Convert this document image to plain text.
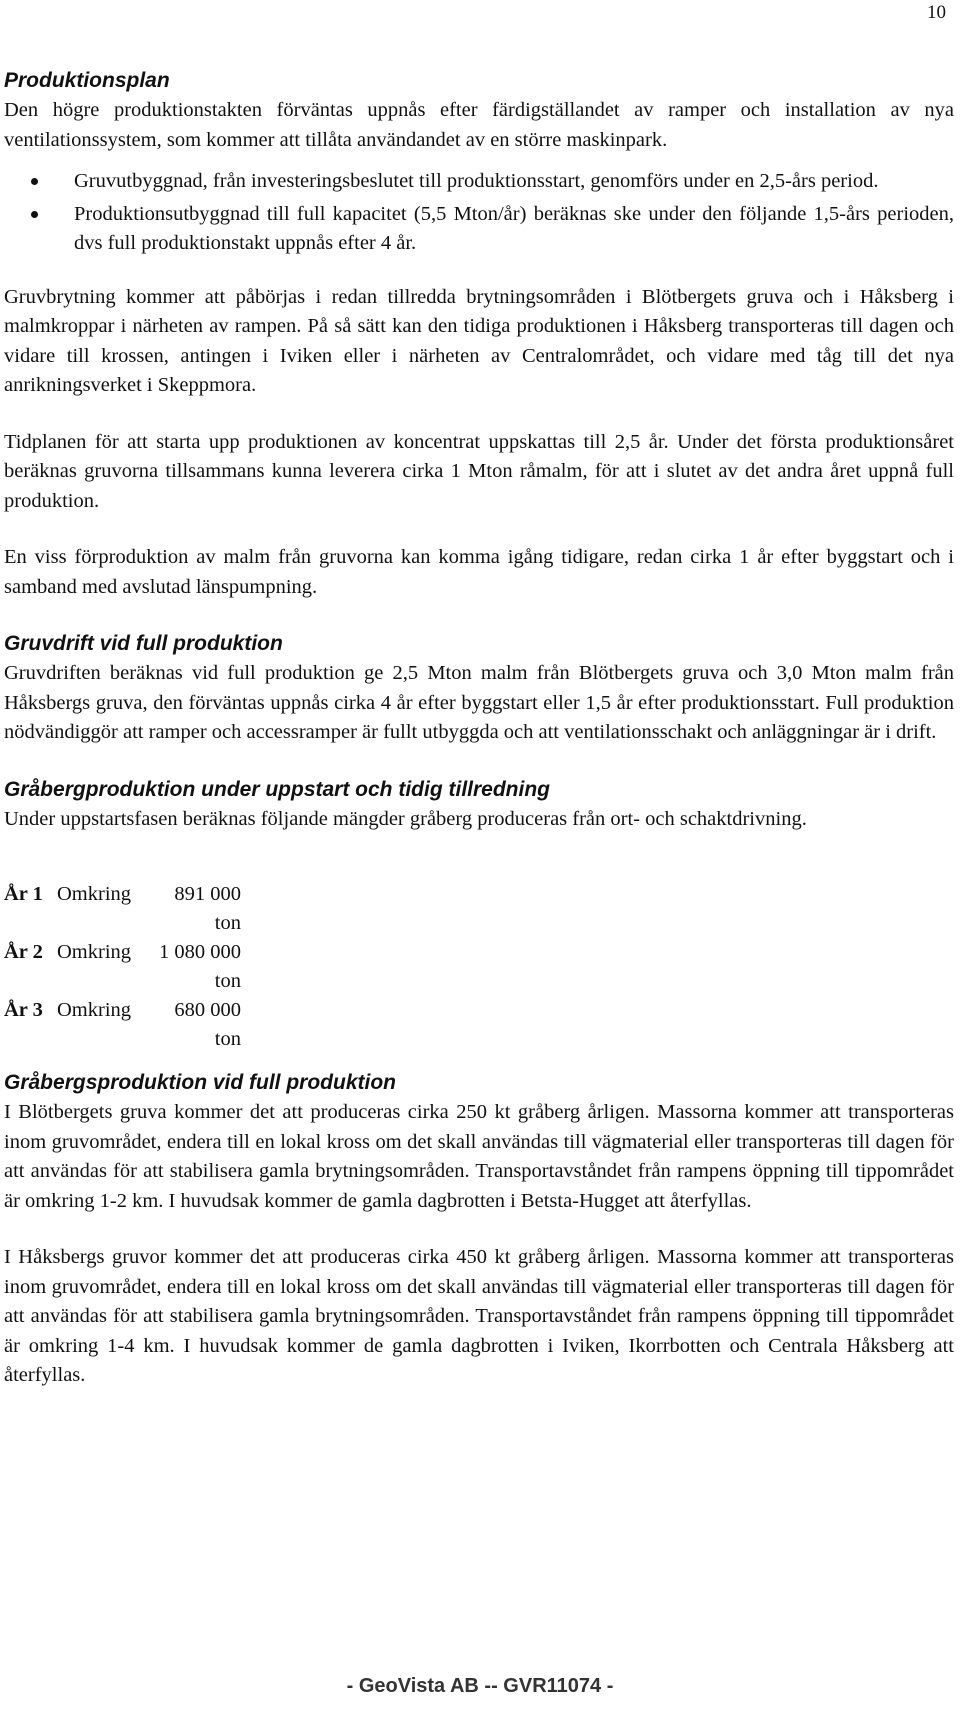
10
Produktionsplan

Den högre produktionstakten förväntas uppnås efter färdigställandet av ramper och installation av nya ventilationssystem, som kommer att tillåta användandet av en större maskinpark.

Gruvutbyggnad, från investeringsbeslutet till produktionsstart, genomförs under en 2,5-års period.
Produktionsutbyggnad till full kapacitet (5,5 Mton/år) beräknas ske under den följande 1,5-års perioden, dvs full produktionstakt uppnås efter 4 år.

Gruvbrytning kommer att påbörjas i redan tillredda brytningsområden i Blötbergets gruva och i Håksberg i malmkroppar i närheten av rampen. På så sätt kan den tidiga produktionen i Håksberg transporteras till dagen och vidare till krossen, antingen i Iviken eller i närheten av Centralområdet, och vidare med tåg till det nya anrikningsverket i Skeppmora.

Tidplanen för att starta upp produktionen av koncentrat uppskattas till 2,5 år. Under det första produktionsåret beräknas gruvorna tillsammans kunna leverera cirka 1 Mton råmalm, för att i slutet av det andra året uppnå full produktion.

En viss förproduktion av malm från gruvorna kan komma igång tidigare, redan cirka 1 år efter byggstart och i samband med avslutad länspumpning.

Gruvdrift vid full produktion

Gruvdriften beräknas vid full produktion ge 2,5 Mton malm från Blötbergets gruva och 3,0 Mton malm från Håksbergs gruva, den förväntas uppnås cirka 4 år efter byggstart eller 1,5 år efter produktionsstart. Full produktion nödvändiggör att ramper och accessramper är fullt utbyggda och att ventilationsschakt och anläggningar är i drift.

Gråbergproduktion under uppstart och tidig tillredning

Under uppstartsfasen beräknas följande mängder gråberg produceras från ort- och schaktdrivning.

År 1 Omkring	891 000 ton
År 2 Omkring	1 080 000 ton
År 3 Omkring	680 000 ton
Gråbergsproduktion vid full produktion

I Blötbergets gruva kommer det att produceras cirka 250 kt gråberg årligen. Massorna kommer att transporteras inom gruvområdet, endera till en lokal kross om det skall användas till vägmaterial eller transporteras till dagen för att användas för att stabilisera gamla brytningsområden. Transportavståndet från rampens öppning till tippområdet är omkring 1-2 km. I huvudsak kommer de gamla dagbrotten i Betsta-Hugget att återfyllas.

I Håksbergs gruvor kommer det att produceras cirka 450 kt gråberg årligen. Massorna kommer att transporteras inom gruvområdet, endera till en lokal kross om det skall användas till vägmaterial eller transporteras till dagen för att användas för att stabilisera gamla brytningsområden. Transportavståndet från rampens öppning till tippområdet är omkring 1-4 km. I huvudsak kommer de gamla dagbrotten i Iviken, Ikorrbotten och Centrala Håksberg att återfyllas.

- GeoVista AB -- GVR11074 -
